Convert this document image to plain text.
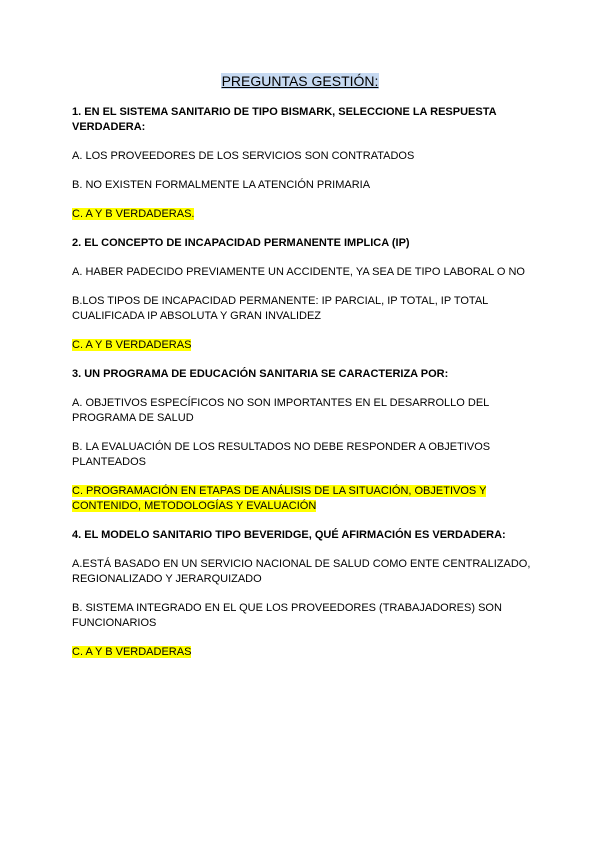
PREGUNTAS GESTIÓN:

1. EN EL SISTEMA SANITARIO DE TIPO BISMARK, SELECCIONE LA RESPUESTA VERDADERA:

A. LOS PROVEEDORES DE LOS SERVICIOS SON CONTRATADOS

B. NO EXISTEN FORMALMENTE LA ATENCIÓN PRIMARIA

C. A Y B VERDADERAS.

2. EL CONCEPTO DE INCAPACIDAD PERMANENTE IMPLICA (IP)

A. HABER PADECIDO PREVIAMENTE UN ACCIDENTE, YA SEA DE TIPO LABORAL O NO

B.LOS TIPOS DE INCAPACIDAD PERMANENTE: IP PARCIAL, IP TOTAL, IP TOTAL CUALIFICADA IP ABSOLUTA Y GRAN INVALIDEZ

C. A Y B VERDADERAS

3. UN PROGRAMA DE EDUCACIÓN SANITARIA SE CARACTERIZA POR:

A. OBJETIVOS ESPECÍFICOS NO SON IMPORTANTES EN EL DESARROLLO DEL PROGRAMA DE SALUD

B. LA EVALUACIÓN DE LOS RESULTADOS NO DEBE RESPONDER A OBJETIVOS PLANTEADOS

C. PROGRAMACIÓN EN ETAPAS DE ANÁLISIS DE LA SITUACIÓN, OBJETIVOS Y CONTENIDO, METODOLOGÍAS Y EVALUACIÓN

4. EL MODELO SANITARIO TIPO BEVERIDGE, QUÉ AFIRMACIÓN ES VERDADERA:

A.ESTÁ BASADO EN UN SERVICIO NACIONAL DE SALUD COMO ENTE CENTRALIZADO, REGIONALIZADO Y JERARQUIZADO

B. SISTEMA INTEGRADO EN EL QUE LOS PROVEEDORES (TRABAJADORES) SON FUNCIONARIOS

C. A Y B VERDADERAS
